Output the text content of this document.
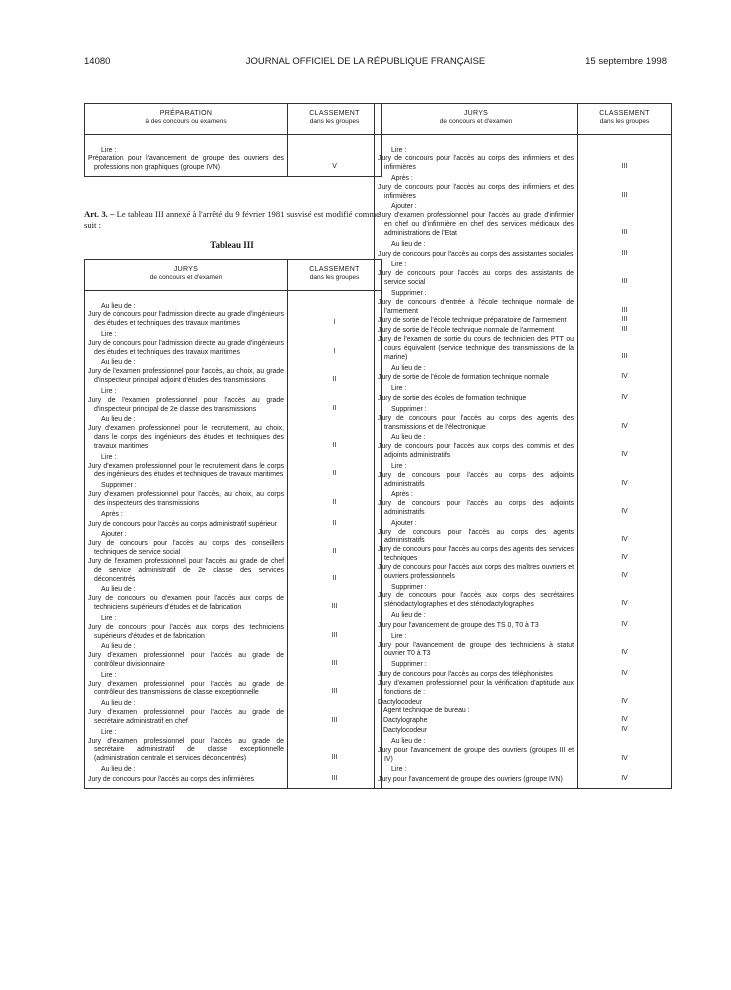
14080	JOURNAL OFFICIEL DE LA RÉPUBLIQUE FRANÇAISE	15 septembre 1998
PRÉPARATION
à des concours ou examens	CLASSEMENT
dans les groupes

Lire :	
Préparation pour l'avancement de groupe des ouvriers des professions non graphiques (groupe IVN)	V

Art. 3. – Le tableau III annexé à l'arrêté du 9 février 1981 susvisé est modifié comme suit :
Tableau III
JURYS
de concours et d'examen	CLASSEMENT
dans les groupes

Au lieu de :	
Jury de concours pour l'admission directe au grade d'ingénieurs des études et techniques des travaux maritimes	I
Lire :	
Jury de concours pour l'admission directe au grade d'ingénieurs des études et techniques des travaux maritimes	I
Au lieu de :	
Jury de l'examen professionnel pour l'accès, au choix, au grade d'inspecteur principal adjoint d'études des transmissions	II
Lire :	
Jury de l'examen professionnel pour l'accès au grade d'inspecteur principal de 2e classe des transmissions	II
Au lieu de :	
Jury d'examen professionnel pour le recrutement, au choix, dans le corps des ingénieurs des études et techniques des travaux maritimes	II
Lire :	
Jury d'examen professionnel pour le recrutement dans le corps des ingénieurs des études et techniques de travaux maritimes	II
Supprimer :	
Jury d'examen professionnel pour l'accès, au choix, au corps des inspecteurs des transmissions	II
Après :	
Jury de concours pour l'accès au corps administratif supérieur	II
Ajouter :	
Jury de concours pour l'accès au corps des conseillers techniques de service social	II
Jury de l'examen professionnel pour l'accès au grade de chef de service administratif de 2e classe des services déconcentrés	II
Au lieu de :	
Jury de concours ou d'examen pour l'accès aux corps de techniciens supérieurs d'études et de fabrication	III
Lire :	
Jury de concours pour l'accès aux corps des techniciens supérieurs d'études et de fabrication	III
Au lieu de :	
Jury d'examen professionnel pour l'accès au grade de contrôleur divisionnaire	III
Lire :	
Jury d'examen professionnel pour l'accès au grade de contrôleur des transmissions de classe exceptionnelle	III
Au lieu de :	
Jury d'examen professionnel pour l'accès au grade de secrétaire administratif en chef	III
Lire :	
Jury d'examen professionnel pour l'accès au grade de secrétaire administratif de classe exceptionnelle (administration centrale et services déconcentrés)	III
Au lieu de :	
Jury de concours pour l'accès au corps des infirmières	III

JURYS
de concours et d'examen	CLASSEMENT
dans les groupes

Lire :	
Jury de concours pour l'accès au corps des infirmiers et des infirmières	III
Après :	
Jury de concours pour l'accès au corps des infirmiers et des infirmières	III
Ajouter :	
Jury d'examen professionnel pour l'accès au grade d'infirmier en chef ou d'infirmière en chef des services médicaux des administrations de l'Etat	III
Au lieu de :	
Jury de concours pour l'accès au corps des assistantes sociales	III
Lire :	
Jury de concours pour l'accès au corps des assistants de service social	III
Supprimer :	
Jury de concours d'entrée à l'école technique normale de l'armement	III
Jury de sortie de l'école technique préparatoire de l'armement	III
Jury de sortie de l'école technique normale de l'armement	III
Jury de l'examen de sortie du cours de technicien des PTT ou cours équivalent (service technique des transmissions de la marine)	III
Au lieu de :	
Jury de sortie de l'école de formation technique normale	IV
Lire :	
Jury de sortie des écoles de formation technique	IV
Supprimer :	
Jury de concours pour l'accès au corps des agents des transmissions et de l'électronique	IV
Au lieu de :	
Jury de concours pour l'accès aux corps des commis et des adjoints administratifs	IV
Lire :	
Jury de concours pour l'accès au corps des adjoints administratifs	IV
Après :	
Jury de concours pour l'accès au corps des adjoints administratifs	IV
Ajouter :	
Jury de concours pour l'accès au corps des agents administratifs	IV
Jury de concours pour l'accès au corps des agents des services techniques	IV
Jury de concours pour l'accès aux corps des maîtres ouvriers et ouvriers professionnels	IV
Supprimer :	
Jury de concours pour l'accès aux corps des secrétaires sténodactylographes et des sténodactylographes	IV
Au lieu de :	
Jury pour l'avancement de groupe des TS 0, T0 à T3	IV
Lire :	
Jury pour l'avancement de groupe des techniciens à statut ouvrier T0 à T3	IV
Supprimer :	
Jury de concours pour l'accès au corps des téléphonistes	IV
Jury d'examen professionnel pour la vérification d'aptitude aux fonctions de :	
Dactylocodeur	IV
Agent technique de bureau :	
Dactylographe	IV
Dactylocodeur	IV
Au lieu de :	
Jury pour l'avancement de groupe des ouvriers (groupes III et IV)	IV
Lire :	
Jury pour l'avancement de groupe des ouvriers (groupe IVN)	IV
